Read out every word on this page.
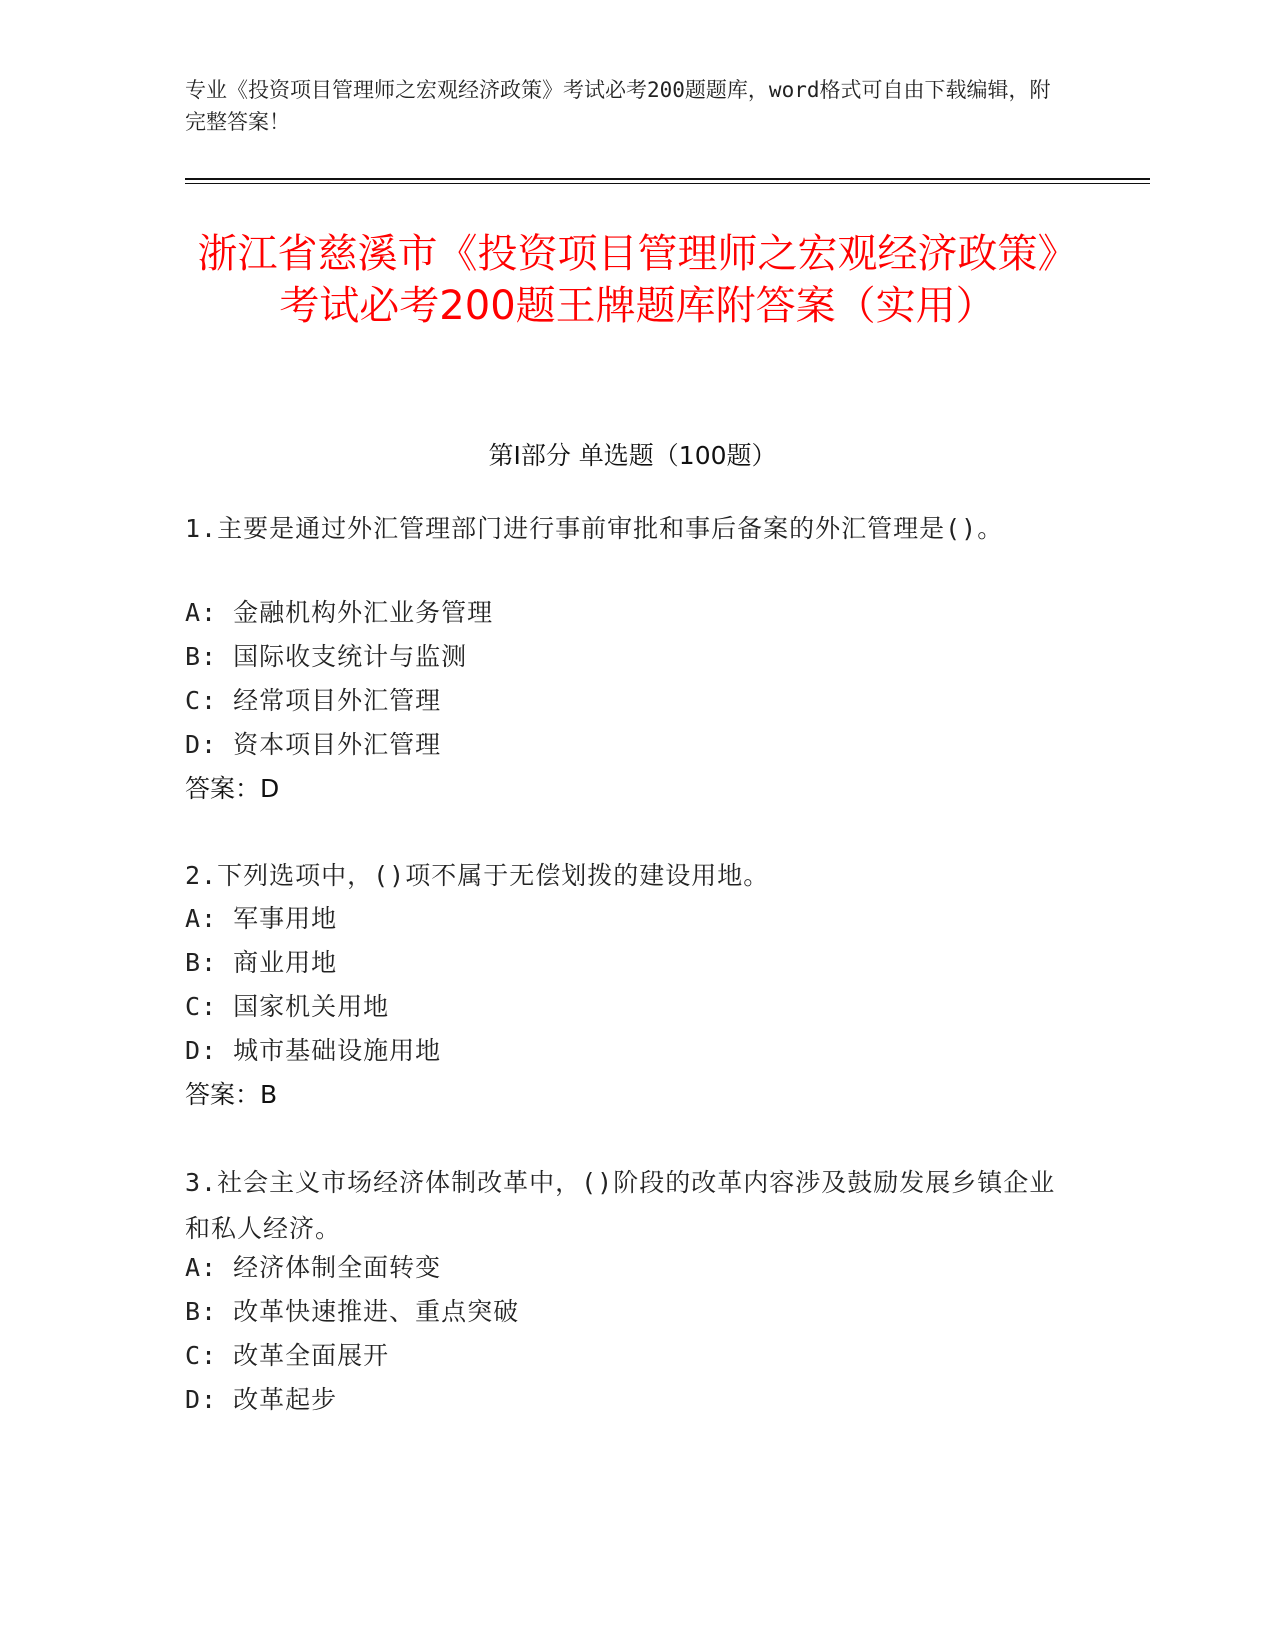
专业《投资项目管理师之宏观经济政策》考试必考200题题库，word格式可自由下载编辑，附完整答案！
浙江省慈溪市《投资项目管理师之宏观经济政策》考试必考200题王牌题库附答案（实用）
第I部分 单选题（100题）
1.主要是通过外汇管理部门进行事前审批和事后备案的外汇管理是()。
A: 金融机构外汇业务管理
B: 国际收支统计与监测
C: 经常项目外汇管理
D: 资本项目外汇管理
答案：D
2.下列选项中，()项不属于无偿划拨的建设用地。
A: 军事用地
B: 商业用地
C: 国家机关用地
D: 城市基础设施用地
答案：B
3.社会主义市场经济体制改革中，()阶段的改革内容涉及鼓励发展乡镇企业和私人经济。
A: 经济体制全面转变
B: 改革快速推进、重点突破
C: 改革全面展开
D: 改革起步
